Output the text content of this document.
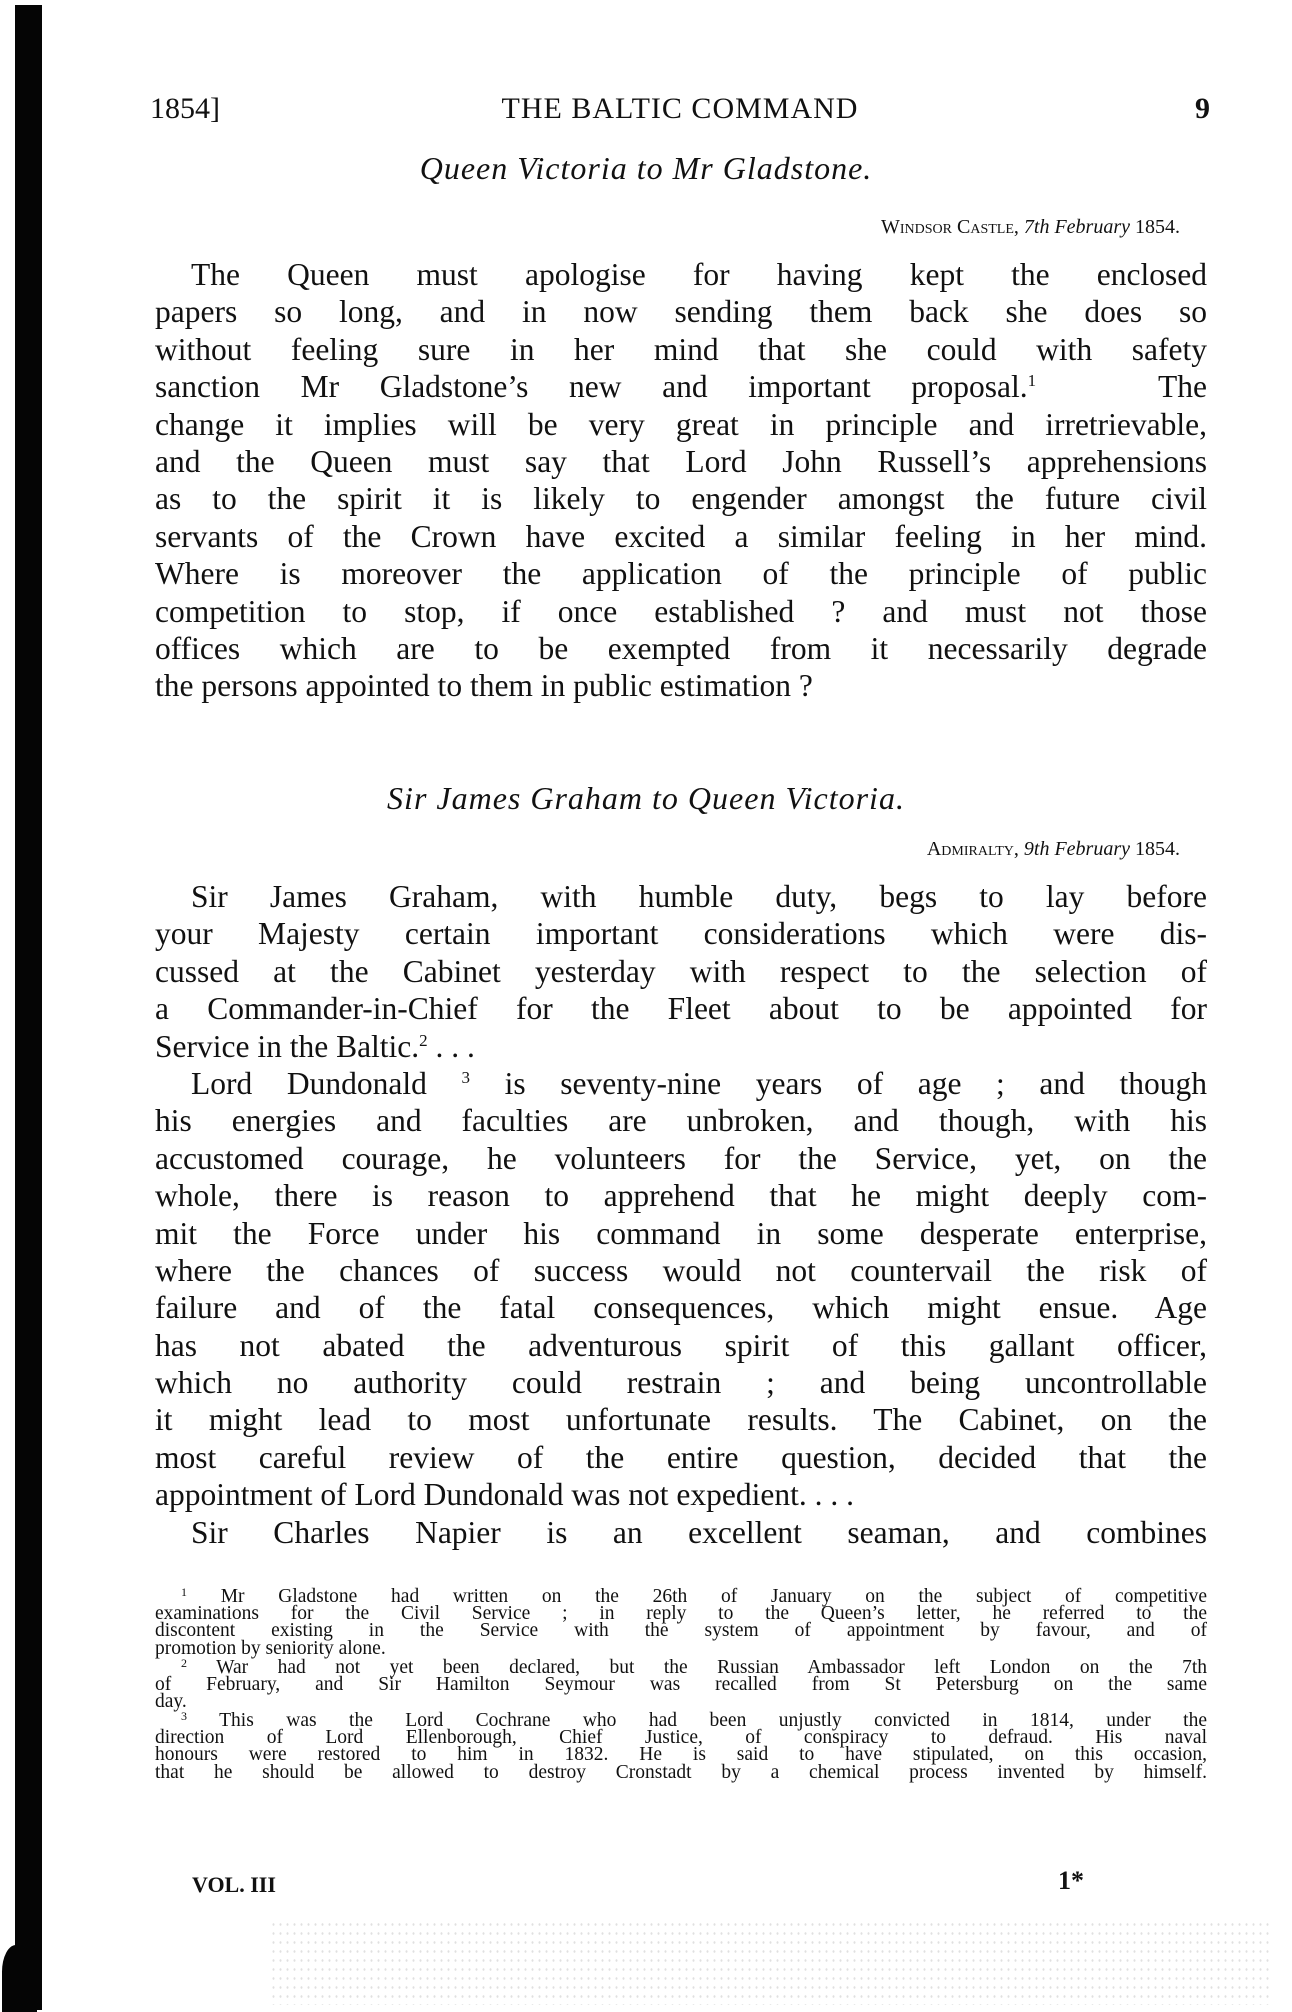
1854]	THE BALTIC COMMAND	9
Queen Victoria to Mr Gladstone.
Windsor Castle, 7th February 1854.
The Queen must apologise for having kept the enclosed
papers so long, and in now sending them back she does so
without feeling sure in her mind that she could with safety
sanction Mr Gladstone’s new and important proposal.$^1$	The
change it implies will be very great in principle and irretrievable,
and the Queen must say that Lord John Russell’s apprehensions
as to the spirit it is likely to engender amongst the future civil
servants of the Crown have excited a similar feeling in her mind.
Where is moreover the application of the principle of public
competition to stop, if once established ? and must not those
offices which are to be exempted from it necessarily degrade
the persons appointed to them in public estimation ?
Sir James Graham to Queen Victoria.
Admiralty, 9th February 1854.
Sir James Graham, with humble duty, begs to lay before
your Majesty certain important considerations which were dis-
cussed at the Cabinet yesterday with respect to the selection of
a Commander-in-Chief for the Fleet about to be appointed for
Service in the Baltic.$^2$ . . .
Lord Dundonald $^3$ is seventy-nine years of age ; and though
his energies and faculties are unbroken, and though, with his
accustomed courage, he volunteers for the Service, yet, on the
whole, there is reason to apprehend that he might deeply com-
mit the Force under his command in some desperate enterprise,
where the chances of success would not countervail the risk of
failure and of the fatal consequences, which might ensue. Age
has not abated the adventurous spirit of this gallant officer,
which no authority could restrain ; and being uncontrollable
it might lead to most unfortunate results. The Cabinet, on the
most careful review of the entire question, decided that the
appointment of Lord Dundonald was not expedient. . . .
Sir Charles Napier is an excellent seaman, and combines
$^1$ Mr Gladstone had written on the 26th of January on the subject of competitive
examinations for the Civil Service ; in reply to the Queen’s letter, he referred to the
discontent existing in the Service with the system of appointment by favour, and of
promotion by seniority alone.
$^2$ War had not yet been declared, but the Russian Ambassador left London on the 7th
of February, and Sir Hamilton Seymour was recalled from St Petersburg on the same
day.
$^3$ This was the Lord Cochrane who had been unjustly convicted in 1814, under the
direction of Lord Ellenborough, Chief Justice, of conspiracy to defraud. His naval
honours were restored to him in 1832. He is said to have stipulated, on this occasion,
that he should be allowed to destroy Cronstadt by a chemical process invented by himself.
VOL. III	1*
